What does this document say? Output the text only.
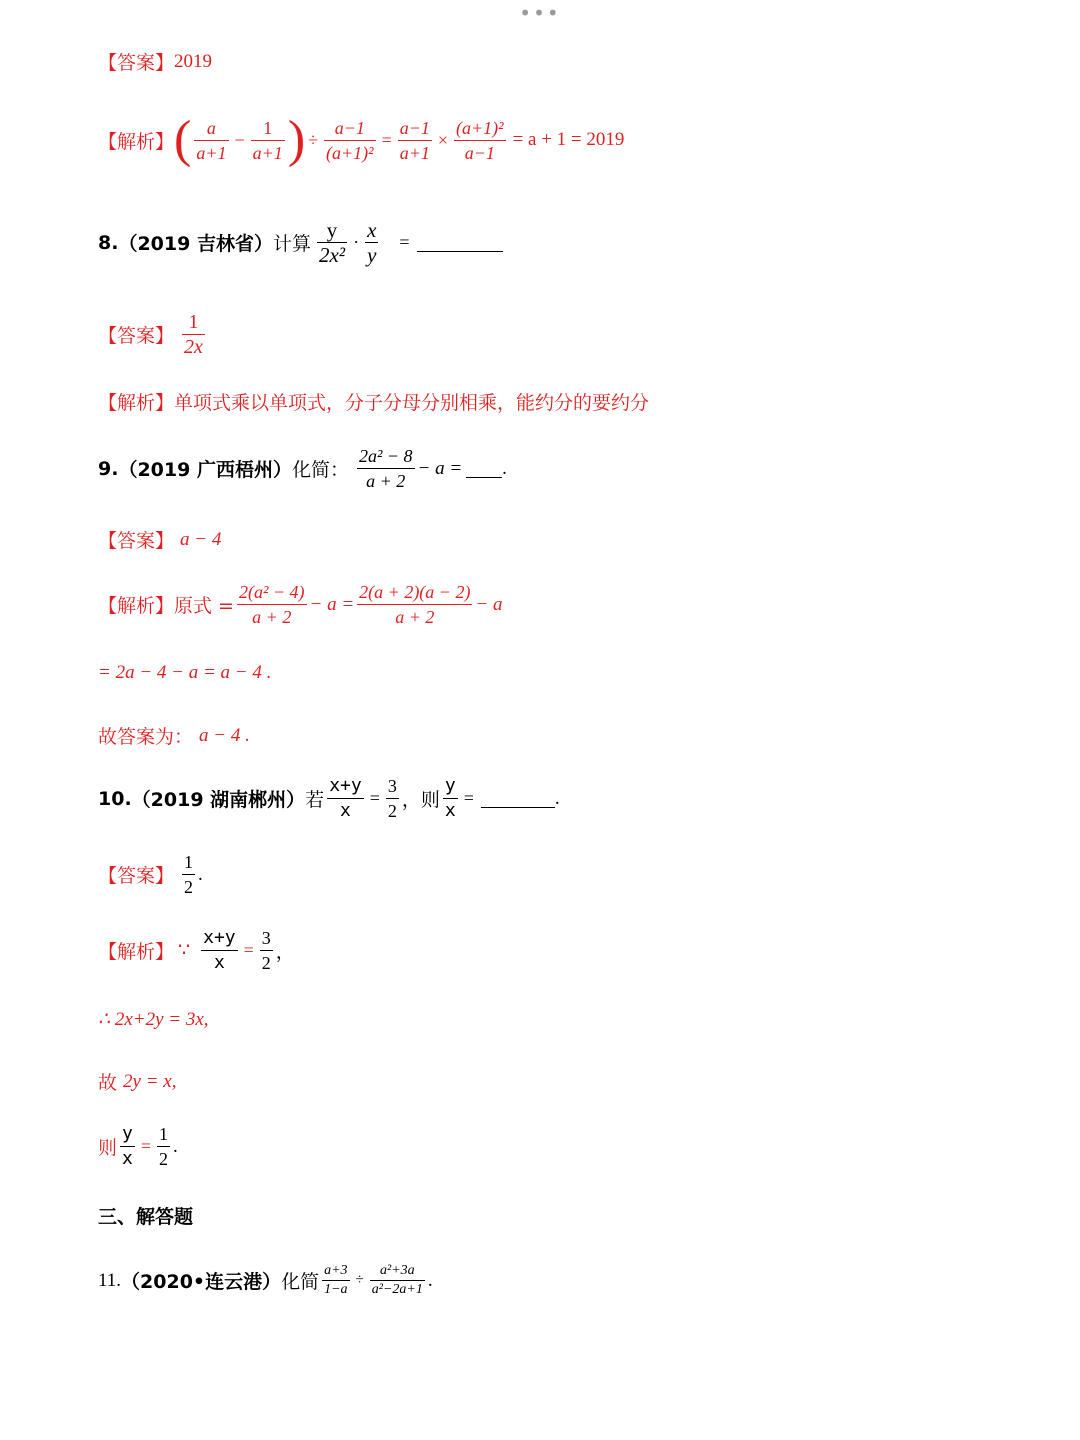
•••
【答案】 2019
【解析】 ( $\frac{a}{a+1} - \frac{1}{a+1}$ ) ÷ $\frac{a-1}{\text{(a+1)²}} = \frac{a-1}{a+1} \times \frac{\text{(a+1)²}}{a-1} = a + 1 = 2019$
8. （2019 吉林省） 计算 $\frac{y}{\text{2x²}} \cdot \frac{x}{y}$ =
【答案】 $\frac{1}{2x}$
【解析】 单项式乘以单项式，分子分母分别相乘，能约分的要约分
9. （2019 广西梧州） 化简： $\frac{\text{2a² − 8}}{a + 2} - a$ = .
【答案】 a − 4
【解析】 原式 = $\frac{\text{2(a² − 4)}}{a + 2} - a = \frac{2(a + 2)(a - 2)}{a + 2} - a$
= 2a − 4 − a = a − 4 .
故答案为： a − 4 .
10. （2019 湖南郴州） 若 $\frac{x+y}{x} = \frac{3}{2}$ ，则 $\frac{y}{x}$ =	.
【答案】 $\frac{1}{2}$ .
【解析】 ∵ $\frac{x+y}{x} = \frac{3}{2}$ ，
∴ 2x+2y = 3x,
故 2y = x,
则 $\frac{y}{x} = \frac{1}{2}$ .
三、解答题
11. （2020•连云港） 化简 $\frac{a+3}{1-a} \div \frac{\text{a²+3a}}{\text{a²−2a+1}}$ .
